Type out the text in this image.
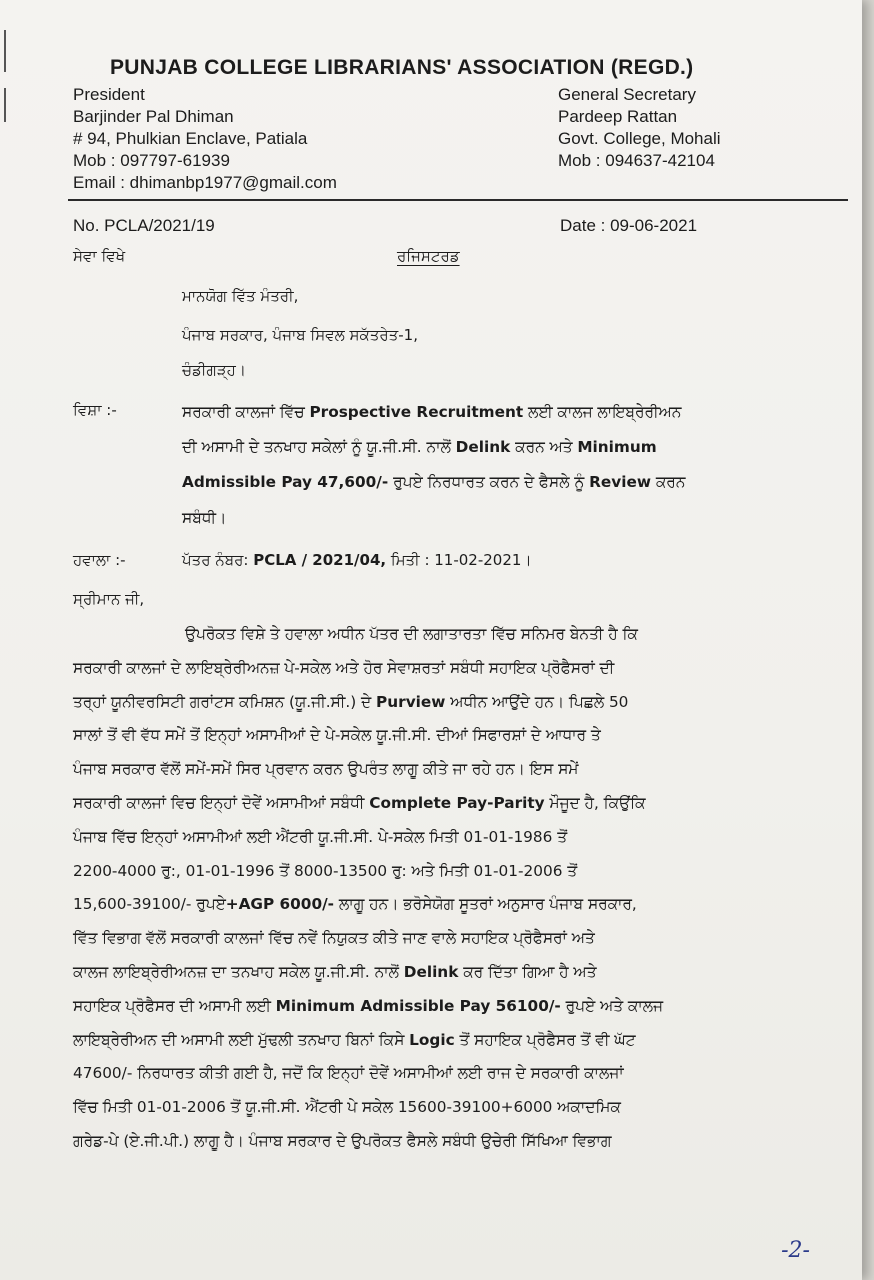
PUNJAB COLLEGE LIBRARIANS' ASSOCIATION (REGD.)
President
Barjinder Pal Dhiman
# 94, Phulkian Enclave, Patiala
Mob : 097797-61939
Email : dhimanbp1977@gmail.com
General Secretary
Pardeep Rattan
Govt. College, Mohali
Mob : 094637-42104
No. PCLA/2021/19	Date : 09-06-2021
ਸੇਵਾ ਵਿਖੇ	ਰਜਿਸਟਰਡ
ਮਾਨਯੋਗ ਵਿੱਤ ਮੰਤਰੀ,
ਪੰਜਾਬ ਸਰਕਾਰ, ਪੰਜਾਬ ਸਿਵਲ ਸਕੱਤਰੇਤ-1,
ਚੰਡੀਗੜ੍ਹ।
ਵਿਸ਼ਾ :-	ਸਰਕਾਰੀ ਕਾਲਜਾਂ ਵਿੱਚ Prospective Recruitment ਲਈ ਕਾਲਜ ਲਾਇਬ੍ਰੇਰੀਅਨ
ਦੀ ਅਸਾਮੀ ਦੇ ਤਨਖਾਹ ਸਕੇਲਾਂ ਨੂੰ ਯੂ.ਜੀ.ਸੀ. ਨਾਲੋਂ Delink ਕਰਨ ਅਤੇ Minimum
Admissible Pay 47,600/- ਰੁਪਏ ਨਿਰਧਾਰਤ ਕਰਨ ਦੇ ਫੈਸਲੇ ਨੂੰ Review ਕਰਨ
ਸਬੰਧੀ।
ਹਵਾਲਾ :-	ਪੱਤਰ ਨੰਬਰ: PCLA / 2021/04, ਮਿਤੀ : 11-02-2021।
ਸ੍ਰੀਮਾਨ ਜੀ,
ਉਪਰੋਕਤ ਵਿਸ਼ੇ ਤੇ ਹਵਾਲਾ ਅਧੀਨ ਪੱਤਰ ਦੀ ਲਗਾਤਾਰਤਾ ਵਿੱਚ ਸਨਿਮਰ ਬੇਨਤੀ ਹੈ ਕਿ
ਸਰਕਾਰੀ ਕਾਲਜਾਂ ਦੇ ਲਾਇਬ੍ਰੇਰੀਅਨਜ਼ ਪੇ-ਸਕੇਲ ਅਤੇ ਹੋਰ ਸੇਵਾਸ਼ਰਤਾਂ ਸਬੰਧੀ ਸਹਾਇਕ ਪ੍ਰੋਫੈਸਰਾਂ ਦੀ
ਤਰ੍ਹਾਂ ਯੂਨੀਵਰਸਿਟੀ ਗਰਾਂਟਸ ਕਮਿਸ਼ਨ (ਯੂ.ਜੀ.ਸੀ.) ਦੇ Purview ਅਧੀਨ ਆਉਂਦੇ ਹਨ। ਪਿਛਲੇ 50
ਸਾਲਾਂ ਤੋਂ ਵੀ ਵੱਧ ਸਮੇਂ ਤੋਂ ਇਨ੍ਹਾਂ ਅਸਾਮੀਆਂ ਦੇ ਪੇ-ਸਕੇਲ ਯੂ.ਜੀ.ਸੀ. ਦੀਆਂ ਸਿਫਾਰਸ਼ਾਂ ਦੇ ਆਧਾਰ ਤੇ
ਪੰਜਾਬ ਸਰਕਾਰ ਵੱਲੋਂ ਸਮੇਂ-ਸਮੇਂ ਸਿਰ ਪ੍ਰਵਾਨ ਕਰਨ ਉਪਰੰਤ ਲਾਗੂ ਕੀਤੇ ਜਾ ਰਹੇ ਹਨ। ਇਸ ਸਮੇਂ
ਸਰਕਾਰੀ ਕਾਲਜਾਂ ਵਿਚ ਇਨ੍ਹਾਂ ਦੋਵੇਂ ਅਸਾਮੀਆਂ ਸਬੰਧੀ Complete Pay-Parity ਮੌਜੂਦ ਹੈ, ਕਿਉਂਕਿ
ਪੰਜਾਬ ਵਿੱਚ ਇਨ੍ਹਾਂ ਅਸਾਮੀਆਂ ਲਈ ਐਂਟਰੀ ਯੂ.ਜੀ.ਸੀ. ਪੇ-ਸਕੇਲ ਮਿਤੀ 01-01-1986 ਤੋਂ
2200-4000 ਰੁ:, 01-01-1996 ਤੋਂ 8000-13500 ਰੁ: ਅਤੇ ਮਿਤੀ 01-01-2006 ਤੋਂ
15,600-39100/- ਰੁਪਏ+AGP 6000/- ਲਾਗੂ ਹਨ। ਭਰੋਸੇਯੋਗ ਸੂਤਰਾਂ ਅਨੁਸਾਰ ਪੰਜਾਬ ਸਰਕਾਰ,
ਵਿੱਤ ਵਿਭਾਗ ਵੱਲੋਂ ਸਰਕਾਰੀ ਕਾਲਜਾਂ ਵਿੱਚ ਨਵੇਂ ਨਿਯੁਕਤ ਕੀਤੇ ਜਾਣ ਵਾਲੇ ਸਹਾਇਕ ਪ੍ਰੋਫੈਸਰਾਂ ਅਤੇ
ਕਾਲਜ ਲਾਇਬ੍ਰੇਰੀਅਨਜ਼ ਦਾ ਤਨਖਾਹ ਸਕੇਲ ਯੂ.ਜੀ.ਸੀ. ਨਾਲੋਂ Delink ਕਰ ਦਿੱਤਾ ਗਿਆ ਹੈ ਅਤੇ
ਸਹਾਇਕ ਪ੍ਰੋਫੈਸਰ ਦੀ ਅਸਾਮੀ ਲਈ Minimum Admissible Pay 56100/- ਰੁਪਏ ਅਤੇ ਕਾਲਜ
ਲਾਇਬ੍ਰੇਰੀਅਨ ਦੀ ਅਸਾਮੀ ਲਈ ਮੁੱਢਲੀ ਤਨਖਾਹ ਬਿਨਾਂ ਕਿਸੇ Logic ਤੋਂ ਸਹਾਇਕ ਪ੍ਰੋਫੈਸਰ ਤੋਂ ਵੀ ਘੱਟ
47600/- ਨਿਰਧਾਰਤ ਕੀਤੀ ਗਈ ਹੈ, ਜਦੋਂ ਕਿ ਇਨ੍ਹਾਂ ਦੋਵੇਂ ਅਸਾਮੀਆਂ ਲਈ ਰਾਜ ਦੇ ਸਰਕਾਰੀ ਕਾਲਜਾਂ
ਵਿੱਚ ਮਿਤੀ 01-01-2006 ਤੋਂ ਯੂ.ਜੀ.ਸੀ. ਐਂਟਰੀ ਪੇ ਸਕੇਲ 15600-39100+6000 ਅਕਾਦਮਿਕ
ਗਰੇਡ-ਪੇ (ਏ.ਜੀ.ਪੀ.) ਲਾਗੂ ਹੈ। ਪੰਜਾਬ ਸਰਕਾਰ ਦੇ ਉਪਰੋਕਤ ਫੈਸਲੇ ਸਬੰਧੀ ਉਚੇਰੀ ਸਿੱਖਿਆ ਵਿਭਾਗ
-2-
